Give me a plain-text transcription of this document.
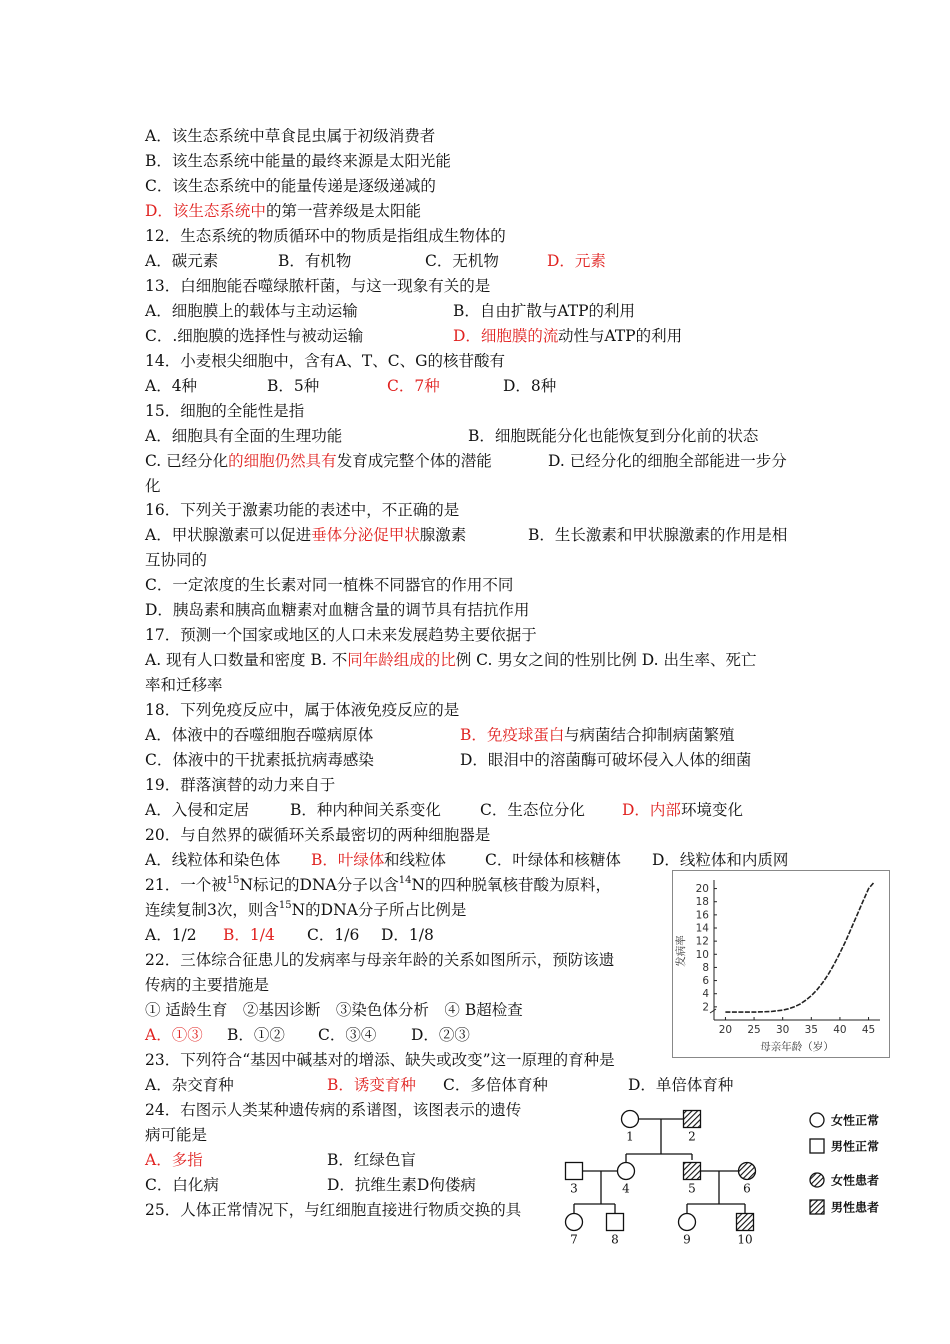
A．该生态系统中草食昆虫属于初级消费者
B．该生态系统中能量的最终来源是太阳光能
C．该生态系统中的能量传递是逐级递减的
D．该生态系统中的第一营养级是太阳能
12．生态系统的物质循环中的物质是指组成生物体的
A．碳元素	B．有机物	C．无机物	D．元素
13．白细胞能吞噬绿脓杆菌，与这一现象有关的是
A．细胞膜上的载体与主动运输	B．自由扩散与ATP的利用
C．.细胞膜的选择性与被动运输	D．细胞膜的流 动性与ATP的利用
14．小麦根尖细胞中，含有A、T、C、G的核苷酸有
A．4种	B．5种	C．7种	D．8种
15．细胞的全能性是指
A．细胞具有全面的生理功能	B．细胞既能分化也能恢复到分化前的状态
C. 已经分化的细胞仍然具有发育成完整个体的潜能	D. 已经分化的细胞全部能进一步分
化
16．下列关于激素功能的表述中，不正确的是
A．甲状腺激素可以促进垂体分泌促甲状腺激素	B．生长激素和甲状腺激素的作用是相
互协同的
C．一定浓度的生长素对同一植株不同器官的作用不同
D．胰岛素和胰高血糖素对血糖含量的调节具有拮抗作用
17．预测一个国家或地区的人口未来发展趋势主要依据于
A. 现有人口数量和密度 B. 不同年龄组成的比例 C. 男女之间的性别比例 D. 出生率、死亡
率和迁移率
18．下列免疫反应中，属于体液免疫反应的是
A．体液中的吞噬细胞吞噬病原体	B．免疫球蛋白 与病菌结合抑制病菌繁殖
C．体液中的干扰素抵抗病毒感染	D．眼泪中的溶菌酶可破坏侵入人体的细菌
19．群落演替的动力来自于
A．入侵和定居	B．种内种间关系变化	C．生态位分化 D．内部 环境变化
20．与自然界的碳循环关系最密切的两种细胞器是
A．线粒体和染色体 B．叶绿体 和线粒体	C．叶绿体和核糖体 D．线粒体和内质网
21．一个被$^{15}$N标记的DNA分子以含$^{14}$N的四种脱氧核苷酸为原料，
连续复制3次，则含$^{15}$N的DNA分子所占比例是
A．1/2 B．1/4 C．1/6 D．1/8
22．三体综合征患儿的发病率与母亲年龄的关系如图所示，预防该遗
传病的主要措施是
① 适龄生育　②基因诊断　③染色体分析　④ B超检查
A．①③ B．①② C．③④ D．②③
23．下列符合“基因中碱基对的增添、缺失或改变”这一原理的育种是
A．杂交育种	B．诱变育种 C．多倍体育种	D．单倍体育种
24．右图示人类某种遗传病的系谱图，该图表示的遗传
病可能是
A．多指	B．红绿色盲
C．白化病	D．抗维生素D佝偻病
25．人体正常情况下，与红细胞直接进行物质交换的具
2
4
6
8
10
12
14
16
18
20
20 25 30 35 40 45
母亲年龄（岁）
发病率
1	2
3	4	5	6
7	8	9	10
女性正常
男性正常
女性患者
男性患者
